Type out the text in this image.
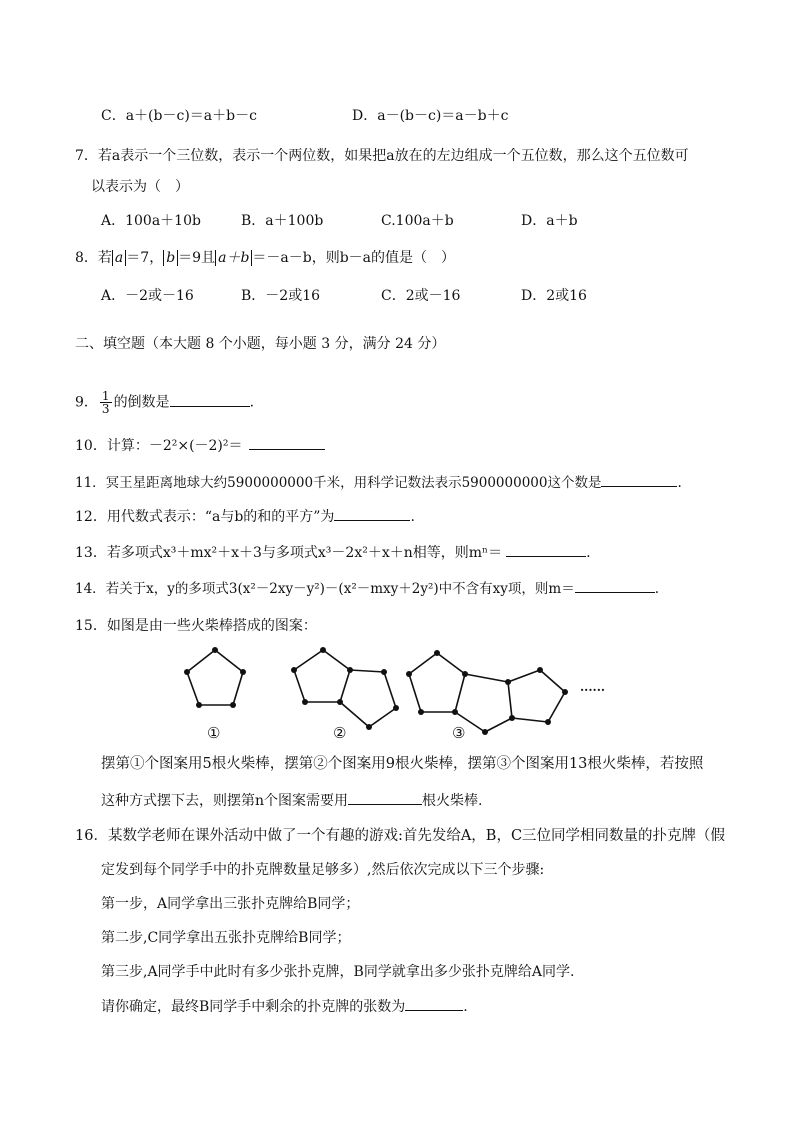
C．a＋(b－c)＝a＋b－c	D．a－(b－c)＝a－b＋c
7．若a表示一个三位数，表示一个两位数，如果把a放在的左边组成一个五位数，那么这个五位数可
以表示为（　）
A．100a＋10b	B．a＋100b	C.100a＋b	D．a＋b
8．若 a ＝7， b ＝9且 a＋b ＝－a－b，则b－a的值是（　）
A．－2或－16	B．－2或16	C．2或－16	D．2或16
二、填空题（本大题 8 个小题，每小题 3 分，满分 24 分）
9． $\frac{1}{3}$ 的倒数是	.
10．计算：－2²×(－2)²＝
11．冥王星距离地球大约5900000000千米，用科学记数法表示5900000000这个数是	.
12．用代数式表示：“a与b的和的平方”为	.
13．若多项式x³＋mx²＋x＋3与多项式x³－2x²＋x＋n相等，则mⁿ＝	.
14．若关于x，y的多项式3(x²－2xy－y²)－(x²－mxy＋2y²)中不含有xy项，则m＝	.
15．如图是由一些火柴棒搭成的图案：
······
①	②	③
摆第①个图案用5根火柴棒，摆第②个图案用9根火柴棒，摆第③个图案用13根火柴棒，若按照
这种方式摆下去，则摆第n个图案需要用	根火柴棒.
16．某数学老师在课外活动中做了一个有趣的游戏:首先发给A，B，C三位同学相同数量的扑克牌（假
定发到每个同学手中的扑克牌数量足够多）,然后依次完成以下三个步骤:
第一步，A同学拿出三张扑克牌给B同学；
第二步,C同学拿出五张扑克牌给B同学；
第三步,A同学手中此时有多少张扑克牌，B同学就拿出多少张扑克牌给A同学.
请你确定，最终B同学手中剩余的扑克牌的张数为	.
